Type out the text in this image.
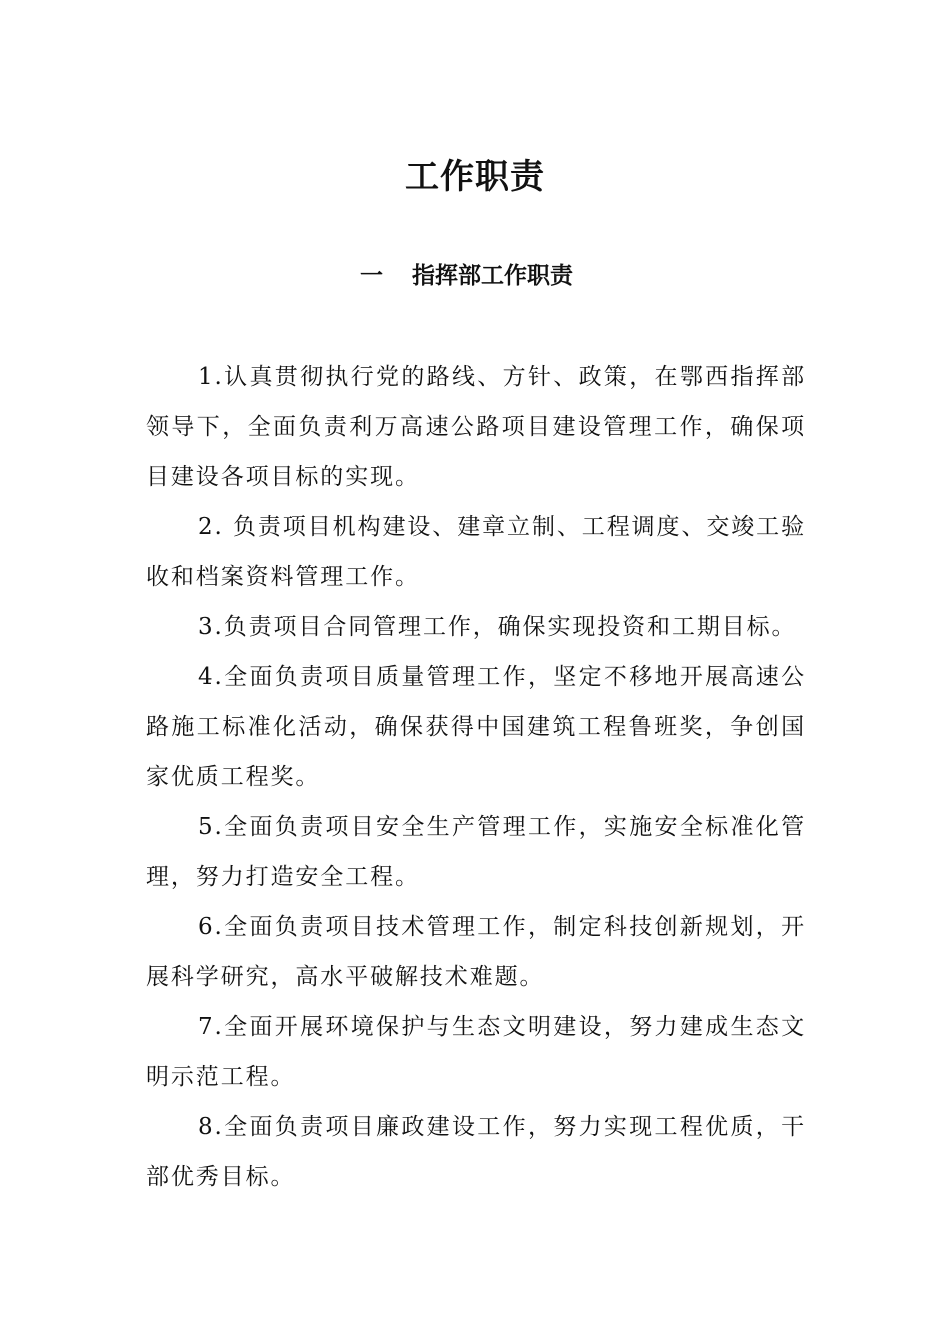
工作职责
一 指挥部工作职责

1.认真贯彻执行党的路线、方针、政策，在鄂西指挥部领导下，全面负责利万高速公路项目建设管理工作，确保项目建设各项目标的实现。

2. 负责项目机构建设、建章立制、工程调度、交竣工验收和档案资料管理工作。

3.负责项目合同管理工作，确保实现投资和工期目标。

4.全面负责项目质量管理工作，坚定不移地开展高速公路施工标准化活动，确保获得中国建筑工程鲁班奖，争创国家优质工程奖。

5.全面负责项目安全生产管理工作，实施安全标准化管理，努力打造安全工程。

6.全面负责项目技术管理工作，制定科技创新规划，开展科学研究，高水平破解技术难题。

7.全面开展环境保护与生态文明建设，努力建成生态文明示范工程。

8.全面负责项目廉政建设工作，努力实现工程优质，干部优秀目标。
